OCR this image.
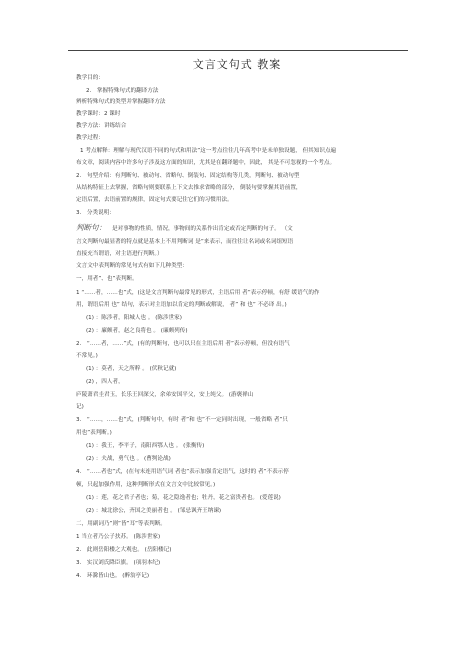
文言文句式 教案
教学目的：
2． 掌握特殊句式的翻译方法
辨析特殊句式的类型并掌握翻译方法
教学课时：2 课时
教学方法：讲练结合
教学过程：
1 考点解释：理解与现代汉语不同的句式和用法”这一考点往往几年高考中是未单独设题， 但其知识点遍
布文章，阅读内容中许多句子涉及这方面的知识，尤其是在翻译题中，因此， 其是不可忽视的一个考点。
2． 句型介绍：有判断句、被动句、省略句、倒装句、固定结构等几类，判断句、被动句型
从结构特征上去掌握，省略句则要联系上下文去推求省略的部分， 倒装句要掌握其语前置，
定语后置，去语前置的规律，固定句式要记住它们的习惯用法。
3． 分类说明：
判断句： 是对事物的性质，情况，事物间的关系作出肯定或否定判断的句子。 （文
言文判断句最显著的特点就是基本上不用判断词 是”来表示，而往往让名词或名词组短语
直接充当谓语，对主语进行判断。）
文言文中表判断的常见句式有如下几种类型：
一，用者”、也”表判断。
1 “……者，……也”式，(这是文言判断句最常见的形式，主语后用 者”表示停顿，有舒 缓语气的作
用，谓语后用 也” 结句，表示对主语加以肯定的判断或解说， 者” 和 也” 不必译 出。)
(1) ：陈涉者，阳城人也 。 (陈涉世家)
(2) ：廉颇者，赵之良将也 。 (廉颇列传)
2． “……者，……”式，(有的判断句，也可以只在主语后用 者”表示停顿，但没有语气
不常见。)
(1) ：莫者，天之所粹 。 (伏秋记就)
(2) ，四人者，
庐陵萧君圭君玉，长乐王回深父，余弟安国平父，安上纯父。 (游褒禅山
记)
3． “……，……也”式，(判断句中，有时 者”和 也”不一定同时出现，一般省略 者”只
用也”表判断。)
(1) ：我王，李平子，南阳西鄂人也 。 (张衡传)
(2) ：夫战，勇气也 。 (曹刿论战)
4． “……者也”式，(在句末连用语气词 者也”表示加强肯定语气，这时的 者”不表示停
顿，只起加强作用，这种判断形式在文言文中比较常见。)
(1) ：莲，花之君子者也；菊，花之隐逸者也；牡丹，花之富贵者也。 (爱莲说)
(2) ：城北徐公，齐国之美丽者也 。 (邹忌讽齐王纳谏)
二，用副词乃”则”皆”耳”等表判断。
1 当立者乃公子扶苏。 (陈涉世家)
2． 此则岳阳楼之大观也。 (岳阳楼记)
3． 实汉刘氏降臣旗。 (项羽本纪)
4． 环滁皆山也。 (醉翁亭记)
